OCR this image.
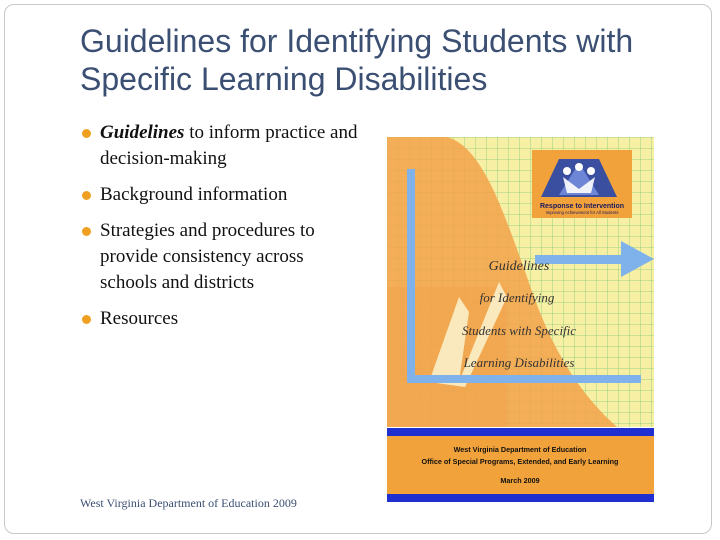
Guidelines for Identifying Students with
Specific Learning Disabilities
Guidelines to inform practice and decision-making
Background information
Strategies and procedures to provide consistency across schools and districts
Resources
Response to Intervention
Improving Achievement for All Students
Guidelines
for Identifying
Students with Specific
Learning Disabilities
West Virginia Department of Education
Office of Special Programs, Extended, and Early Learning
March 2009
West Virginia Department of Education 2009
